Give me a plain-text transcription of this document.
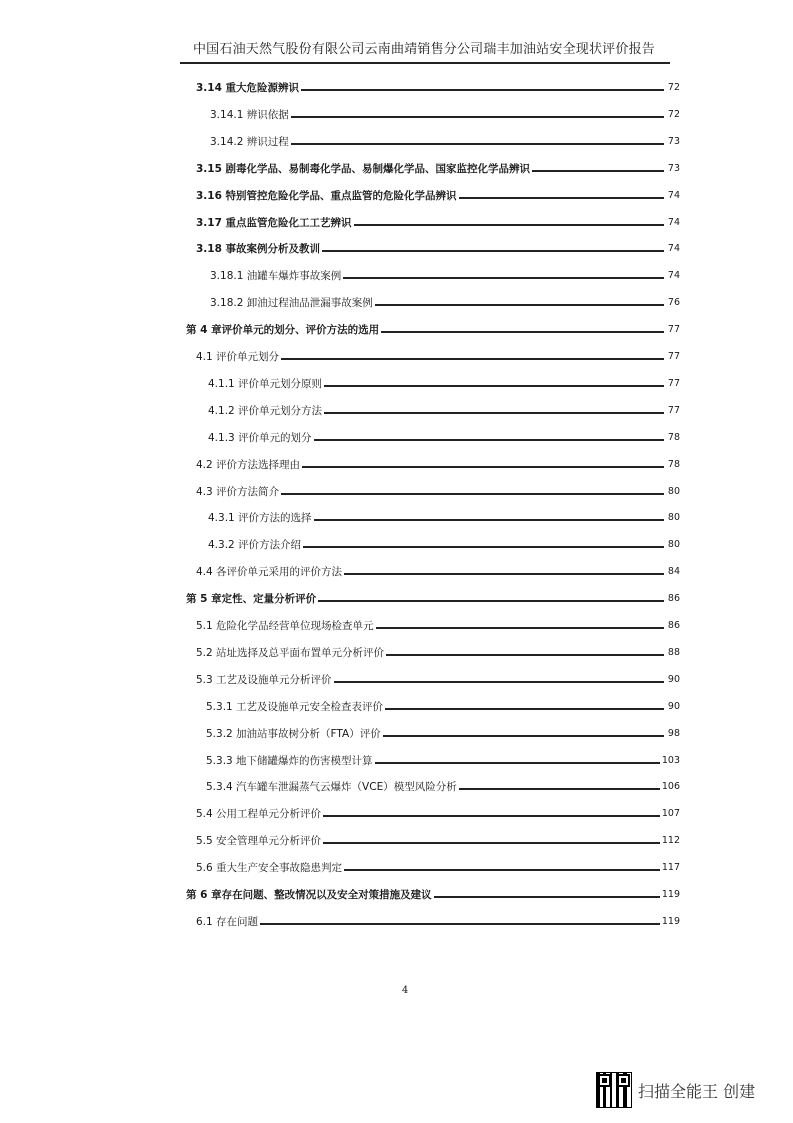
中国石油天然气股份有限公司云南曲靖销售分公司瑞丰加油站安全现状评价报告
3.14 重大危险源辨识	72
3.14.1 辨识依据	72
3.14.2 辨识过程	73
3.15 剧毒化学品、易制毒化学品、易制爆化学品、国家监控化学品辨识	73
3.16 特别管控危险化学品、重点监管的危险化学品辨识	74
3.17 重点监管危险化工工艺辨识	74
3.18 事故案例分析及教训	74
3.18.1 油罐车爆炸事故案例	74
3.18.2 卸油过程油品泄漏事故案例	76
第 4 章评价单元的划分、评价方法的选用	77
4.1 评价单元划分	77
4.1.1 评价单元划分原则	77
4.1.2 评价单元划分方法	77
4.1.3 评价单元的划分	78
4.2 评价方法选择理由	78
4.3 评价方法简介	80
4.3.1 评价方法的选择	80
4.3.2 评价方法介绍	80
4.4 各评价单元采用的评价方法	84
第 5 章定性、定量分析评价	86
5.1 危险化学品经营单位现场检查单元	86
5.2 站址选择及总平面布置单元分析评价	88
5.3 工艺及设施单元分析评价	90
5.3.1 工艺及设施单元安全检查表评价	90
5.3.2 加油站事故树分析（FTA）评价	98
5.3.3 地下储罐爆炸的伤害模型计算	103
5.3.4 汽车罐车泄漏蒸气云爆炸（VCE）模型风险分析	106
5.4 公用工程单元分析评价	107
5.5 安全管理单元分析评价	112
5.6 重大生产安全事故隐患判定	117
第 6 章存在问题、整改情况以及安全对策措施及建议	119
6.1 存在问题	119
4
扫描全能王 创建
